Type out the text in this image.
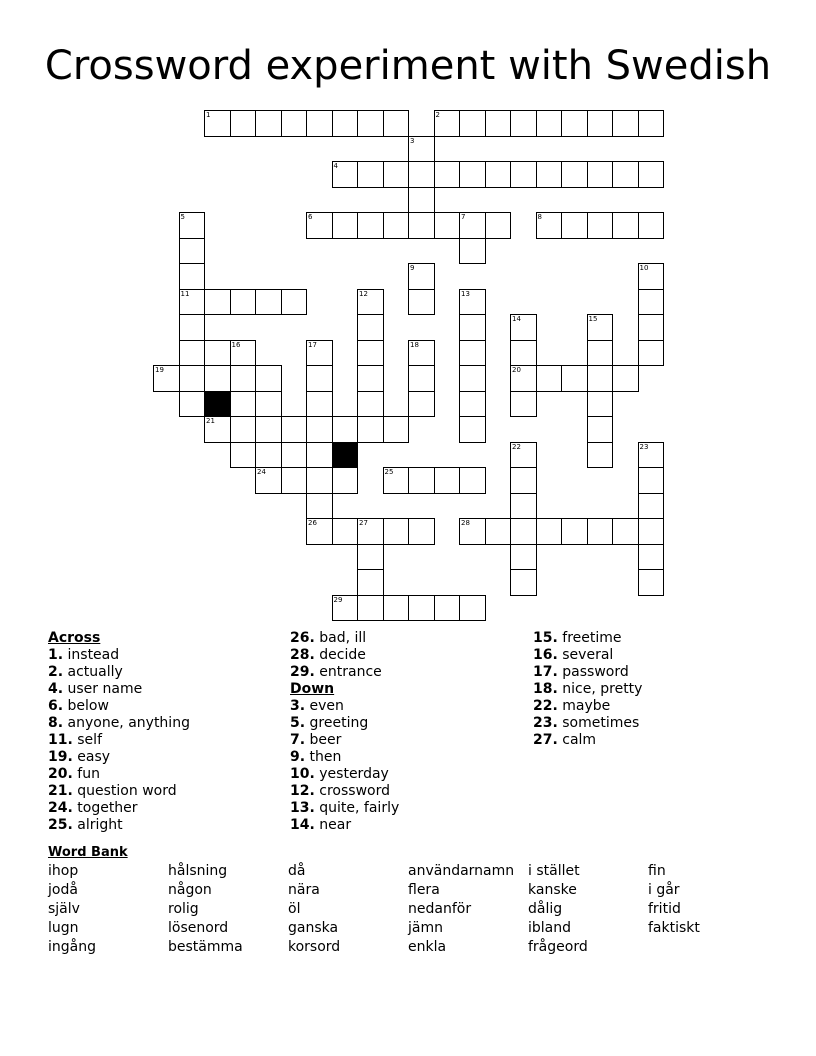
Crossword experiment with Swedish
1	2
3
4
5	6	7	8
9	10
11	12	13
14	15
16	17	18
19	20
21
22	23
24	25
26	27	28
29
Across
1. instead
2. actually
4. user name
6. below
8. anyone, anything
11. self
19. easy
20. fun
21. question word
24. together
25. alright
26. bad, ill
28. decide
29. entrance
Down
3. even
5. greeting
7. beer
9. then
10. yesterday
12. crossword
13. quite, fairly
14. near
15. freetime
16. several
17. password
18. nice, pretty
22. maybe
23. sometimes
27. calm
Word Bank
ihop
jodå
själv
lugn
ingång
hålsning
någon
rolig
lösenord
bestämma
då
nära
öl
ganska
korsord
användarnamn
flera
nedanför
jämn
enkla
i stället
kanske
dålig
ibland
frågeord
fin
i går
fritid
faktiskt
